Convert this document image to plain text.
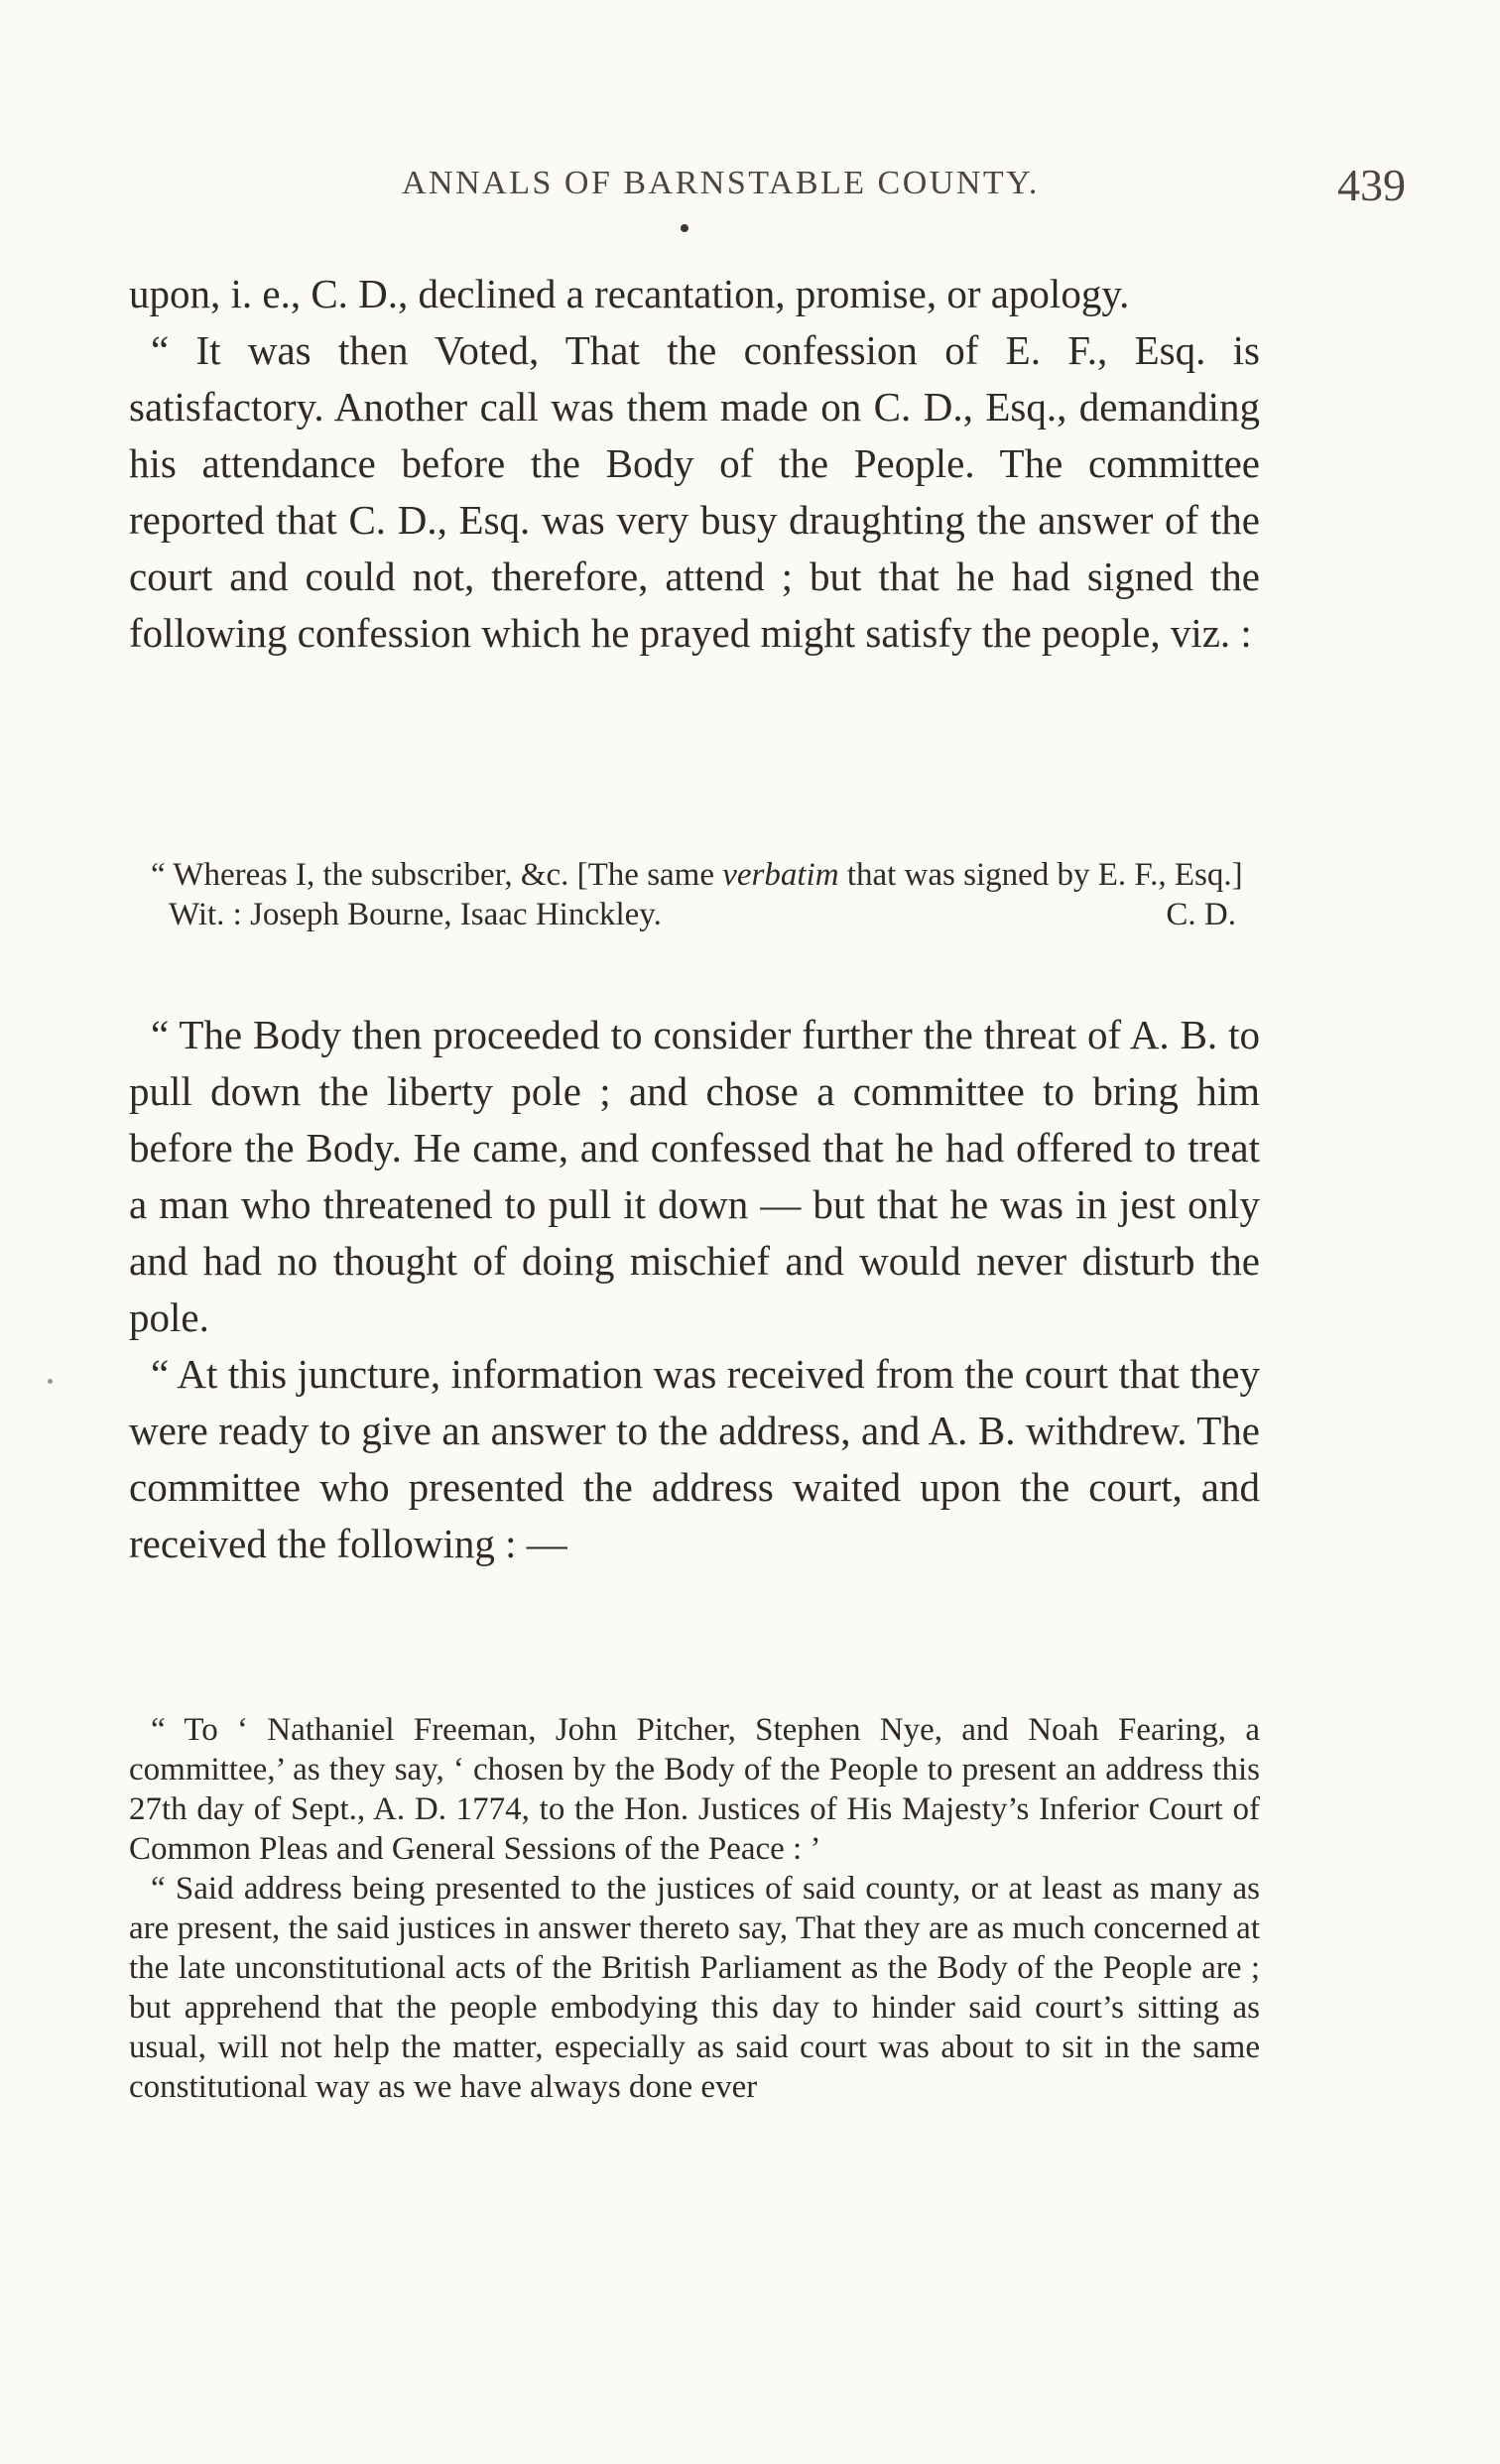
ANNALS OF BARNSTABLE COUNTY.	439

upon, i. e., C. D., declined a recantation, promise, or apology.

“ It was then Voted, That the confession of E. F., Esq. is satisfactory. Another call was them made on C. D., Esq., demanding his attendance before the Body of the People. The committee reported that C. D., Esq. was very busy draughting the answer of the court and could not, therefore, attend ; but that he had signed the following confession which he prayed might satisfy the people, viz. :

“ Whereas I, the subscriber, &c. [The same verbatim that was signed by E. F., Esq.]
C. D.

Wit. : Joseph Bourne, Isaac Hinckley.

“ The Body then proceeded to consider further the threat of A. B. to pull down the liberty pole ; and chose a committee to bring him before the Body. He came, and confessed that he had offered to treat a man who threatened to pull it down — but that he was in jest only and had no thought of doing mischief and would never disturb the pole.

“ At this juncture, information was received from the court that they were ready to give an answer to the address, and A. B. withdrew. The committee who presented the address waited upon the court, and received the following : —

“ To ‘ Nathaniel Freeman, John Pitcher, Stephen Nye, and Noah Fearing, a committee,’ as they say, ‘ chosen by the Body of the People to present an address this 27th day of Sept., A. D. 1774, to the Hon. Justices of His Majesty’s Inferior Court of Common Pleas and General Sessions of the Peace : ’

“ Said address being presented to the justices of said county, or at least as many as are present, the said justices in answer thereto say, That they are as much concerned at the late unconstitutional acts of the British Parliament as the Body of the People are ; but apprehend that the people embodying this day to hinder said court’s sitting as usual, will not help the matter, especially as said court was about to sit in the same constitutional way as we have always done ever
